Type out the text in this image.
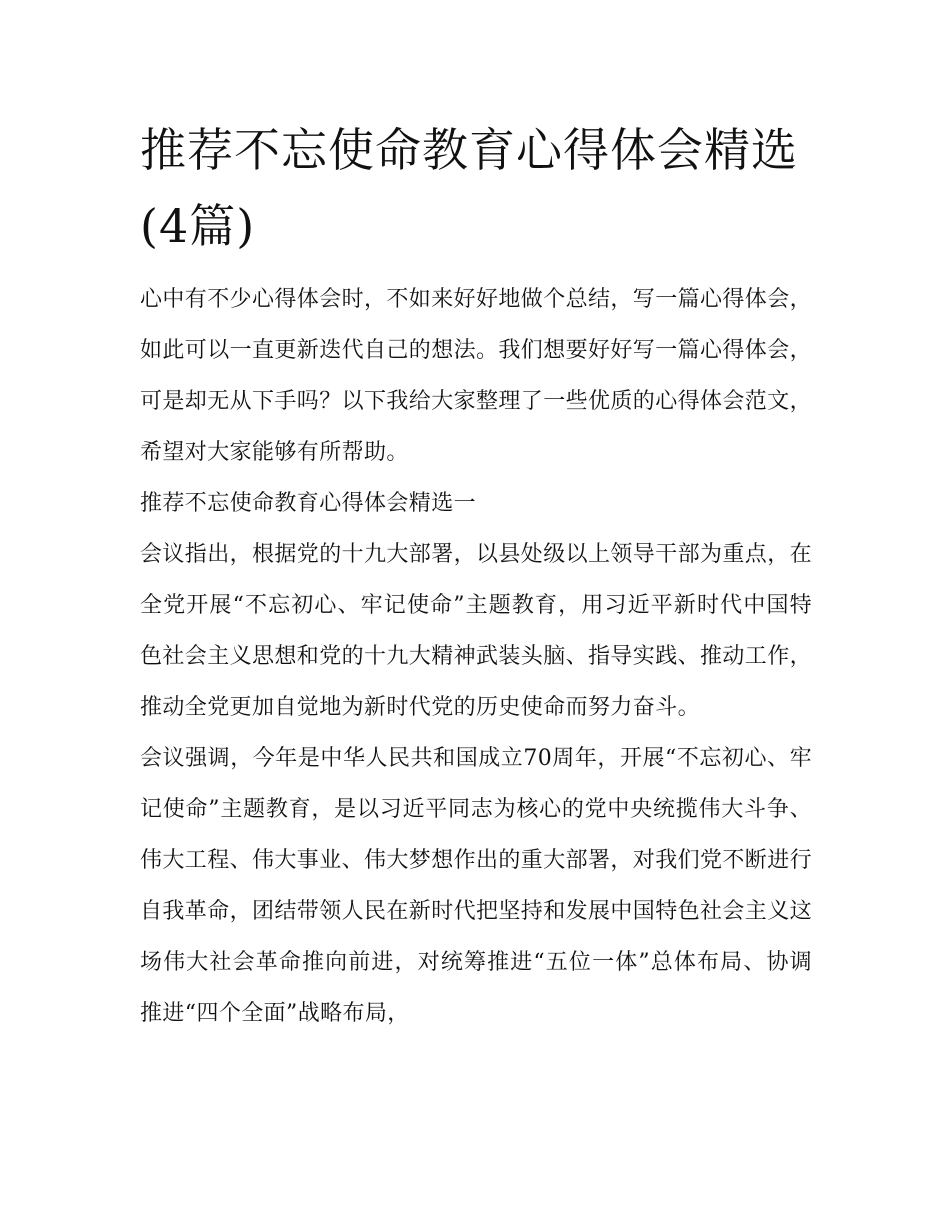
推荐不忘使命教育心得体会精选(4篇)

心中有不少心得体会时，不如来好好地做个总结，写一篇心得体会，如此可以一直更新迭代自己的想法。我们想要好好写一篇心得体会，可是却无从下手吗？以下我给大家整理了一些优质的心得体会范文，希望对大家能够有所帮助。

推荐不忘使命教育心得体会精选一

会议指出，根据党的十九大部署，以县处级以上领导干部为重点，在全党开展“不忘初心、牢记使命”主题教育，用习近平新时代中国特色社会主义思想和党的十九大精神武装头脑、指导实践、推动工作，推动全党更加自觉地为新时代党的历史使命而努力奋斗。

会议强调，今年是中华人民共和国成立70周年，开展“不忘初心、牢记使命”主题教育，是以习近平同志为核心的党中央统揽伟大斗争、伟大工程、伟大事业、伟大梦想作出的重大部署，对我们党不断进行自我革命，团结带领人民在新时代把坚持和发展中国特色社会主义这场伟大社会革命推向前进，对统筹推进“五位一体”总体布局、协调推进“四个全面”战略布局，
